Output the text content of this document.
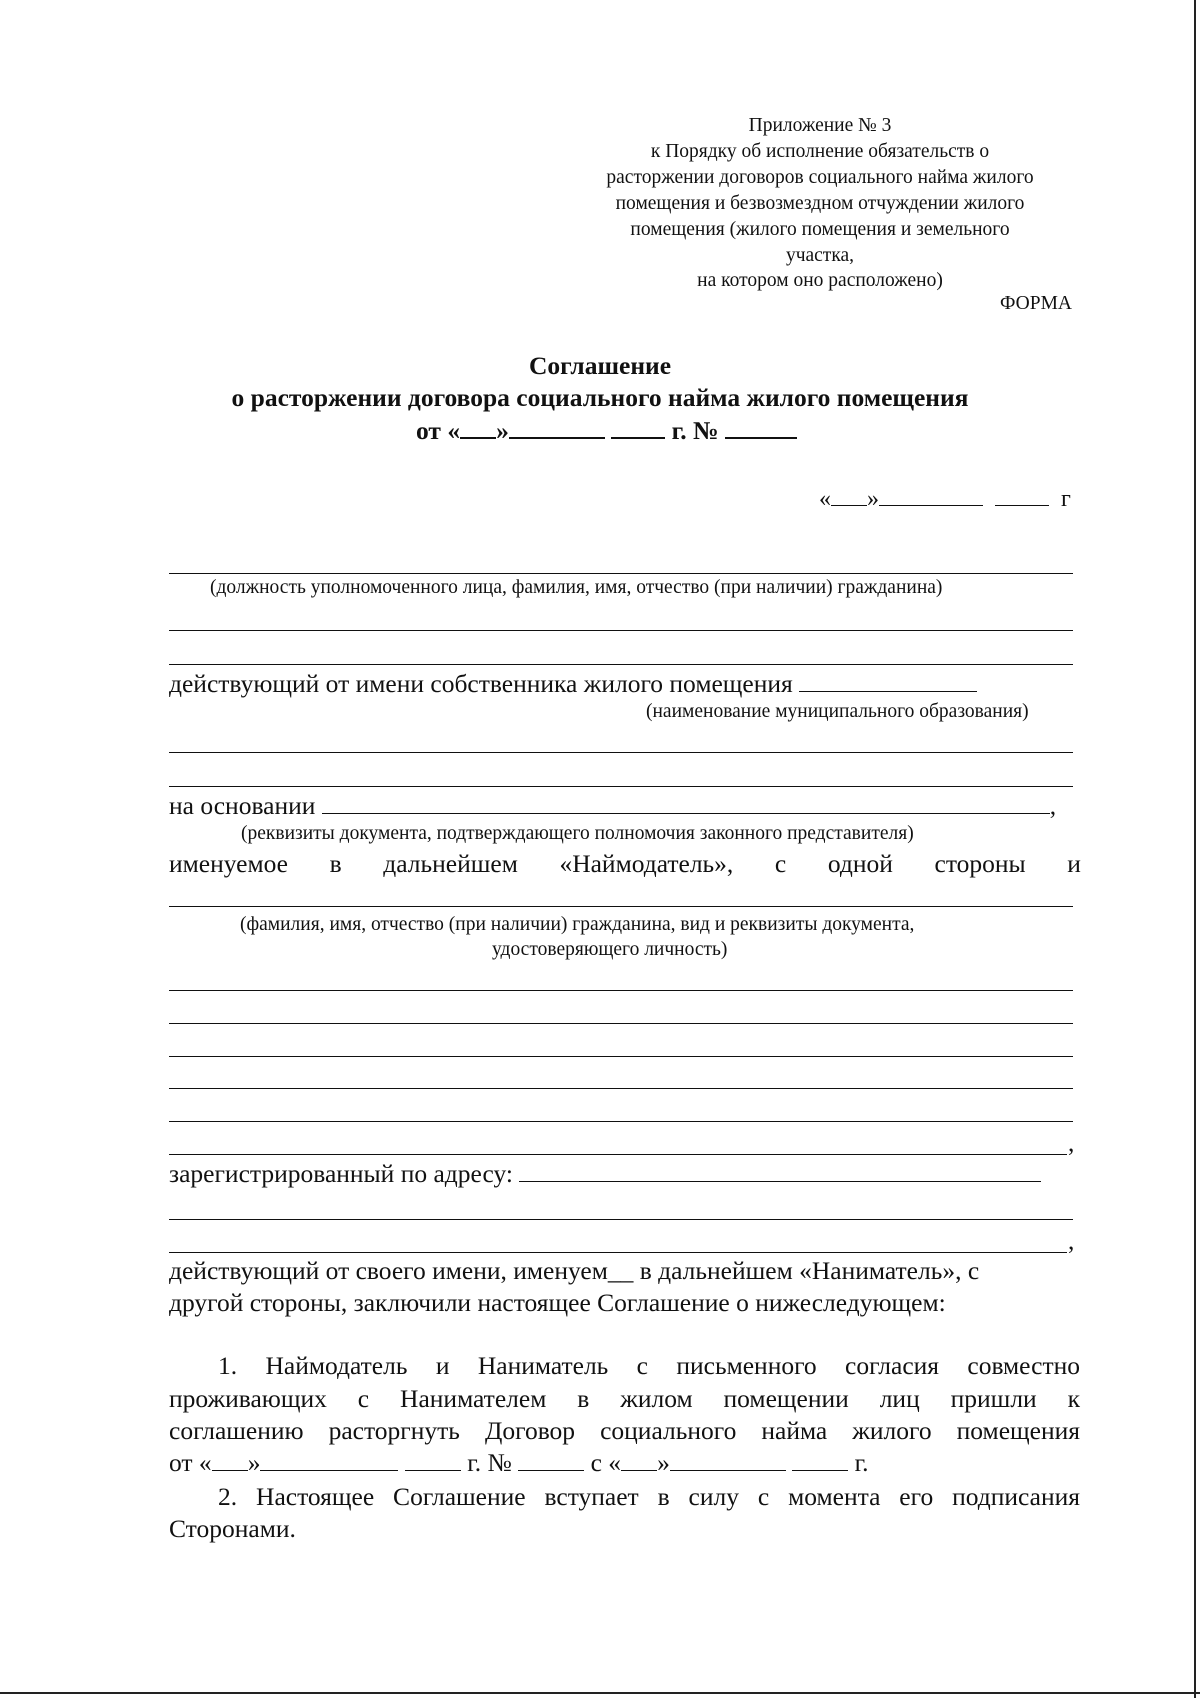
Приложение № 3
к Порядку об исполнение обязательств о
расторжении договоров социального найма жилого
помещения и безвозмездном отчуждении жилого
помещения (жилого помещения и земельного
участка,
на котором оно расположено)
ФОРМА
Соглашение
о расторжении договора социального найма жилого помещения
от « »	г. №
« »	г
(должность уполномоченного лица, фамилия, имя, отчество (при наличии) гражданина)
действующий от имени собственника жилого помещения
(наименование муниципального образования)
на основании	,
(реквизиты документа, подтверждающего полномочия законного представителя)
именуемое в дальнейшем «Наймодатель», с одной стороны и
(фамилия, имя, отчество (при наличии) гражданина, вид и реквизиты документа,
удостоверяющего личность)
,
зарегистрированный по адресу:
,
действующий от своего имени, именуем__ в дальнейшем «Наниматель», с
другой стороны, заключили настоящее Соглашение о нижеследующем:
1. Наймодатель и Наниматель с письменного согласия совместно
проживающих с Нанимателем в жилом помещении лиц пришли к
соглашению расторгнуть Договор социального найма жилого помещения
от « »	г. №	с « »	г.
2. Настоящее Соглашение вступает в силу с момента его подписания
Сторонами.
